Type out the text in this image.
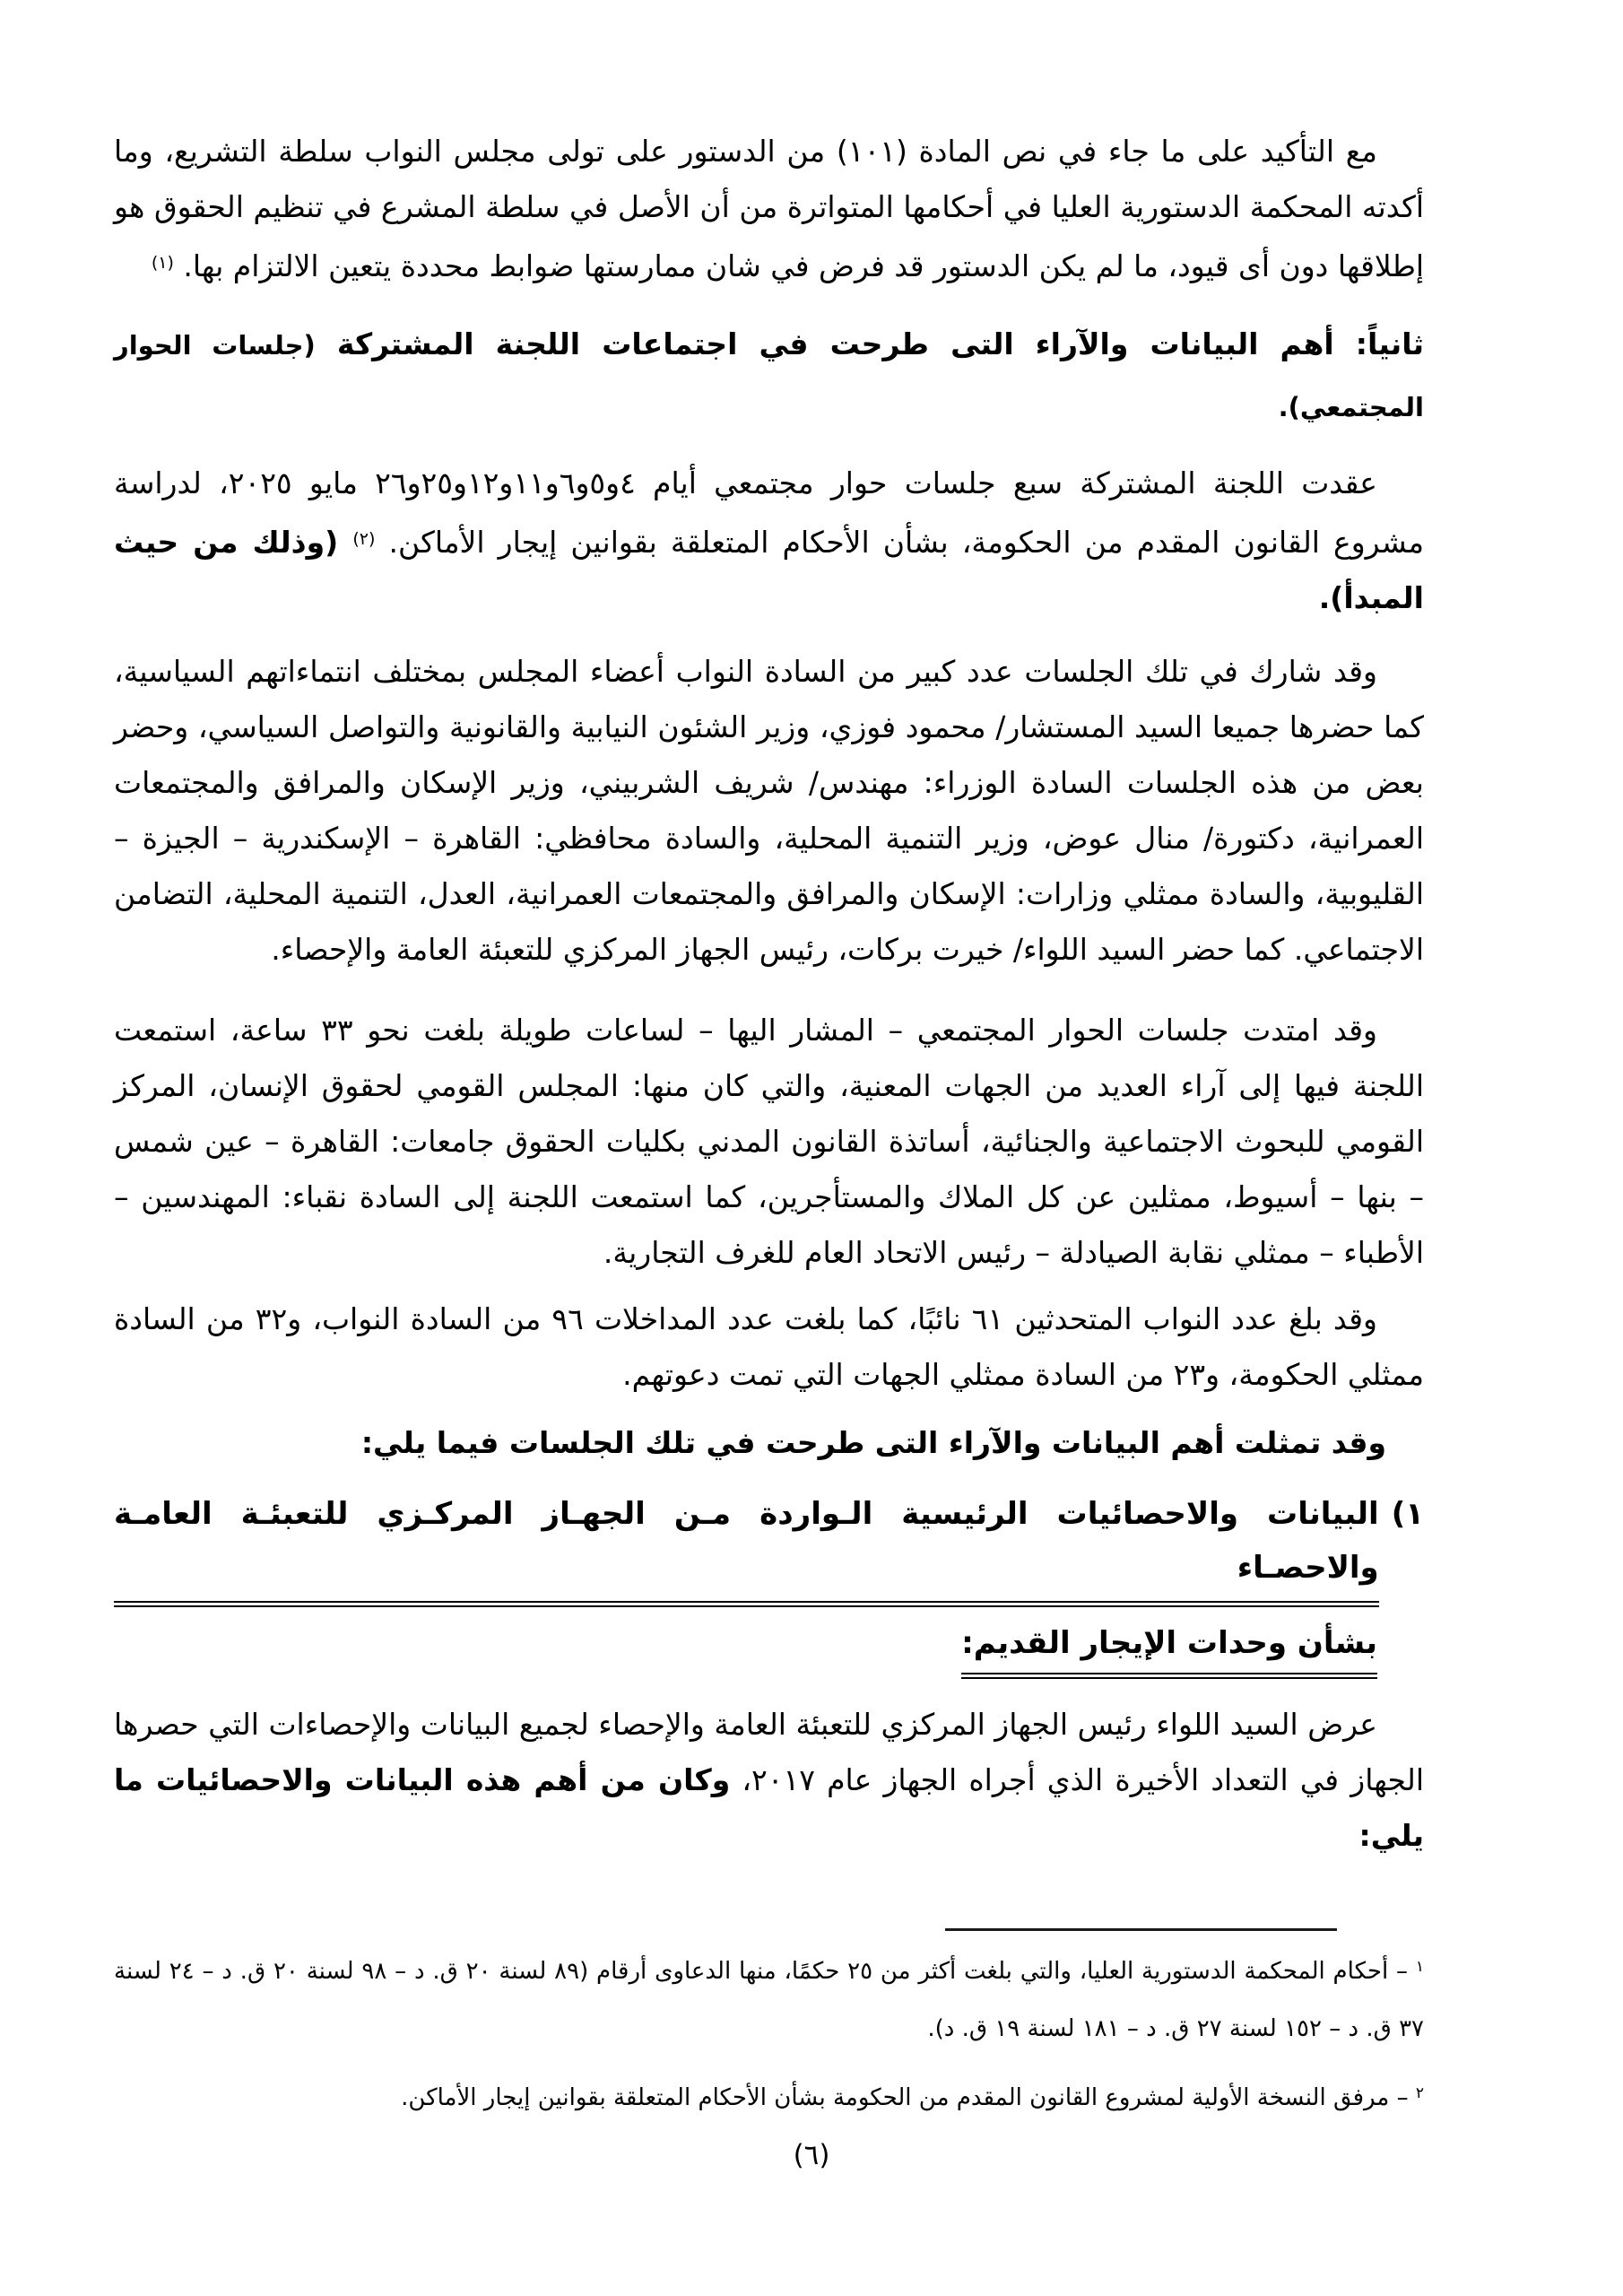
مع التأكيد على ما جاء في نص المادة (١٠١) من الدستور على تولى مجلس النواب سلطة التشريع، وما أكدته المحكمة الدستورية العليا في أحكامها المتواترة من أن الأصل في سلطة المشرع في تنظيم الحقوق هو إطلاقها دون أى قيود، ما لم يكن الدستور قد فرض في شان ممارستها ضوابط محددة يتعين الالتزام بها. $^{(١)}$

ثانياً: أهم البيانات والآراء التى طرحت في اجتماعات اللجنة المشتركة (جلسات الحوار المجتمعي).

عقدت اللجنة المشتركة سبع جلسات حوار مجتمعي أيام ٤و٥و٦و١١و١٢و٢٥و٢٦ مايو ٢٠٢٥، لدراسة مشروع القانون المقدم من الحكومة، بشأن الأحكام المتعلقة بقوانين إيجار الأماكن. $^{(٢)}$ (وذلك من حيث المبدأ).

وقد شارك في تلك الجلسات عدد كبير من السادة النواب أعضاء المجلس بمختلف انتماءاتهم السياسية، كما حضرها جميعا السيد المستشار/ محمود فوزي، وزير الشئون النيابية والقانونية والتواصل السياسي، وحضر بعض من هذه الجلسات السادة الوزراء: مهندس/ شريف الشربيني، وزير الإسكان والمرافق والمجتمعات العمرانية، دكتورة/ منال عوض، وزير التنمية المحلية، والسادة محافظي: القاهرة – الإسكندرية – الجيزة – القليوبية، والسادة ممثلي وزارات: الإسكان والمرافق والمجتمعات العمرانية، العدل، التنمية المحلية، التضامن الاجتماعي. كما حضر السيد اللواء/ خيرت بركات، رئيس الجهاز المركزي للتعبئة العامة والإحصاء.

وقد امتدت جلسات الحوار المجتمعي – المشار اليها – لساعات طويلة بلغت نحو ٣٣ ساعة، استمعت اللجنة فيها إلى آراء العديد من الجهات المعنية، والتي كان منها: المجلس القومي لحقوق الإنسان، المركز القومي للبحوث الاجتماعية والجنائية، أساتذة القانون المدني بكليات الحقوق جامعات: القاهرة – عين شمس – بنها – أسيوط، ممثلين عن كل الملاك والمستأجرين، كما استمعت اللجنة إلى السادة نقباء: المهندسين – الأطباء – ممثلي نقابة الصيادلة – رئيس الاتحاد العام للغرف التجارية.

وقد بلغ عدد النواب المتحدثين ٦١ نائبًا، كما بلغت عدد المداخلات ٩٦ من السادة النواب، و٣٢ من السادة ممثلي الحكومة، و٢٣ من السادة ممثلي الجهات التي تمت دعوتهم.

وقد تمثلت أهم البيانات والآراء التى طرحت في تلك الجلسات فيما يلي:

١)
البيانات والاحصائيات الرئيسية الـواردة مـن الجهـاز المركـزي للتعبئـة العامـة والاحصـاء
بشأن وحدات الإيجار القديم:

عرض السيد اللواء رئيس الجهاز المركزي للتعبئة العامة والإحصاء لجميع البيانات والإحصاءات التي حصرها الجهاز في التعداد الأخيرة الذي أجراه الجهاز عام ٢٠١٧، وكان من أهم هذه البيانات والاحصائيات ما يلي:

$^١$ – أحكام المحكمة الدستورية العليا، والتي بلغت أكثر من ٢٥ حكمًا، منها الدعاوى أرقام (٨٩ لسنة ٢٠ ق. د – ٩٨ لسنة ٢٠ ق. د – ٢٤ لسنة ٣٧ ق. د – ١٥٢ لسنة ٢٧ ق. د – ١٨١ لسنة ١٩ ق. د).
$^٢$ – مرفق النسخة الأولية لمشروع القانون المقدم من الحكومة بشأن الأحكام المتعلقة بقوانين إيجار الأماكن.
(٦)
